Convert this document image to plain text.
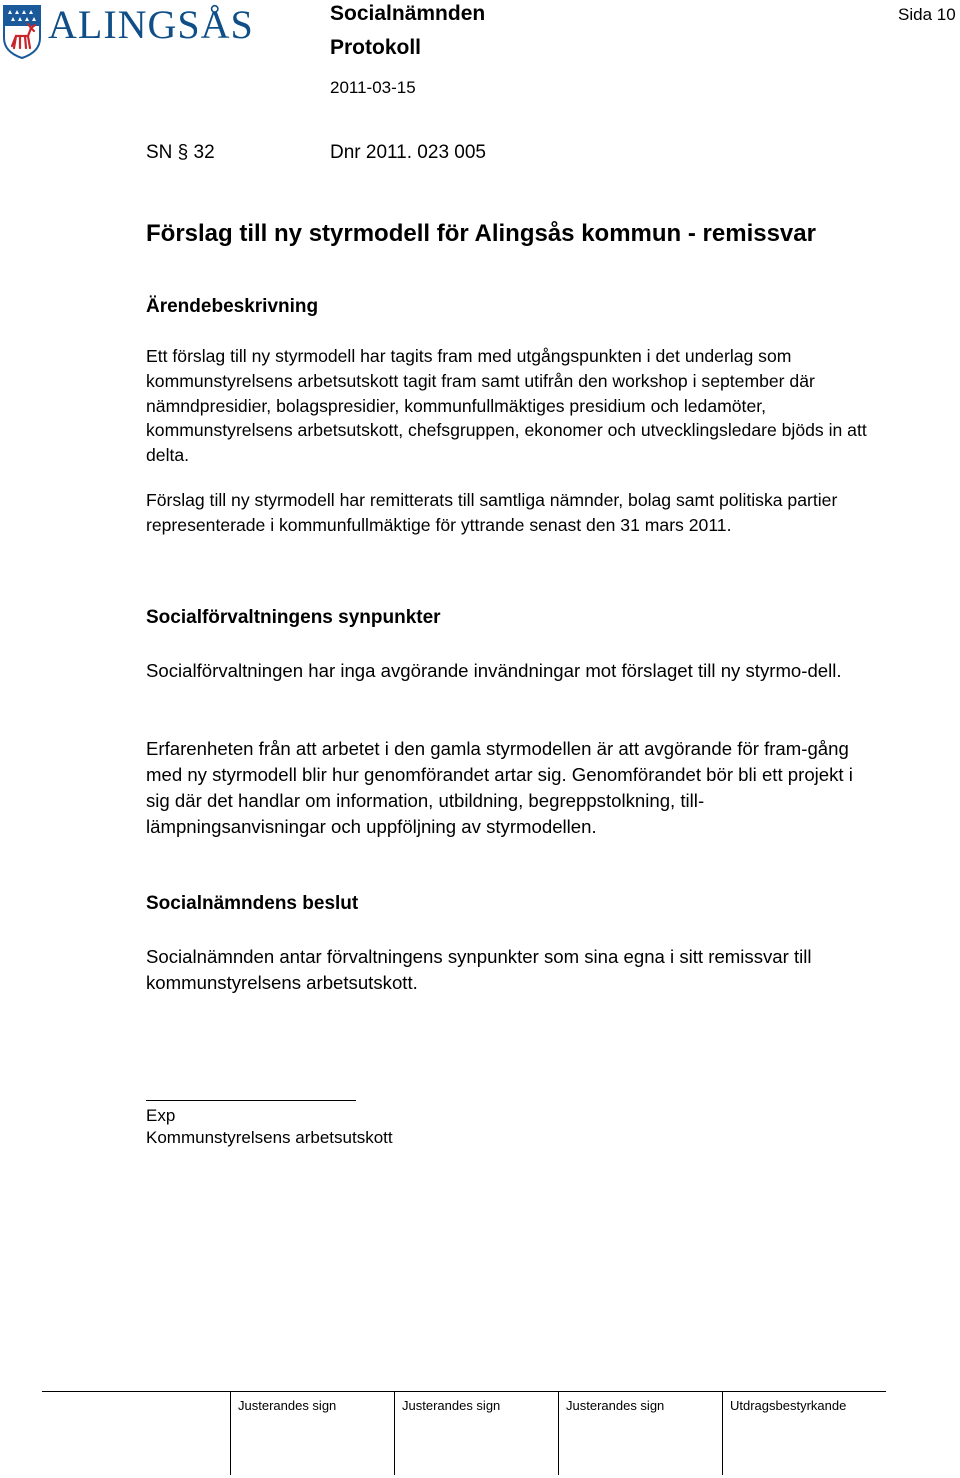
ALINGSÅS	Socialnämnden
Protokoll
2011-03-15
Sida 10
SN § 32	Dnr 2011. 023 005
Förslag till ny styrmodell för Alingsås kommun - remissvar
Ärendebeskrivning

Ett förslag till ny styrmodell har tagits fram med utgångspunkten i det underlag som kommunstyrelsens arbetsutskott tagit fram samt utifrån den workshop i september där nämndpresidier, bolagspresidier, kommunfullmäktiges presidium och ledamöter, kommunstyrelsens arbetsutskott, chefsgruppen, ekonomer och utvecklingsledare bjöds in att delta.

Förslag till ny styrmodell har remitterats till samtliga nämnder, bolag samt politiska partier representerade i kommunfullmäktige för yttrande senast den 31 mars 2011.

Socialförvaltningens synpunkter

Socialförvaltningen har inga avgörande invändningar mot förslaget till ny styrmo-dell.

Erfarenheten från att arbetet i den gamla styrmodellen är att avgörande för fram-gång med ny styrmodell blir hur genomförandet artar sig. Genomförandet bör bli ett projekt i sig där det handlar om information, utbildning, begreppstolkning, till-lämpningsanvisningar och uppföljning av styrmodellen.

Socialnämndens beslut

Socialnämnden antar förvaltningens synpunkter som sina egna i sitt remissvar till kommunstyrelsens arbetsutskott.

Exp
Kommunstyrelsens arbetsutskott
Justerandes sign	Justerandes sign	Justerandes sign	Utdragsbestyrkande
